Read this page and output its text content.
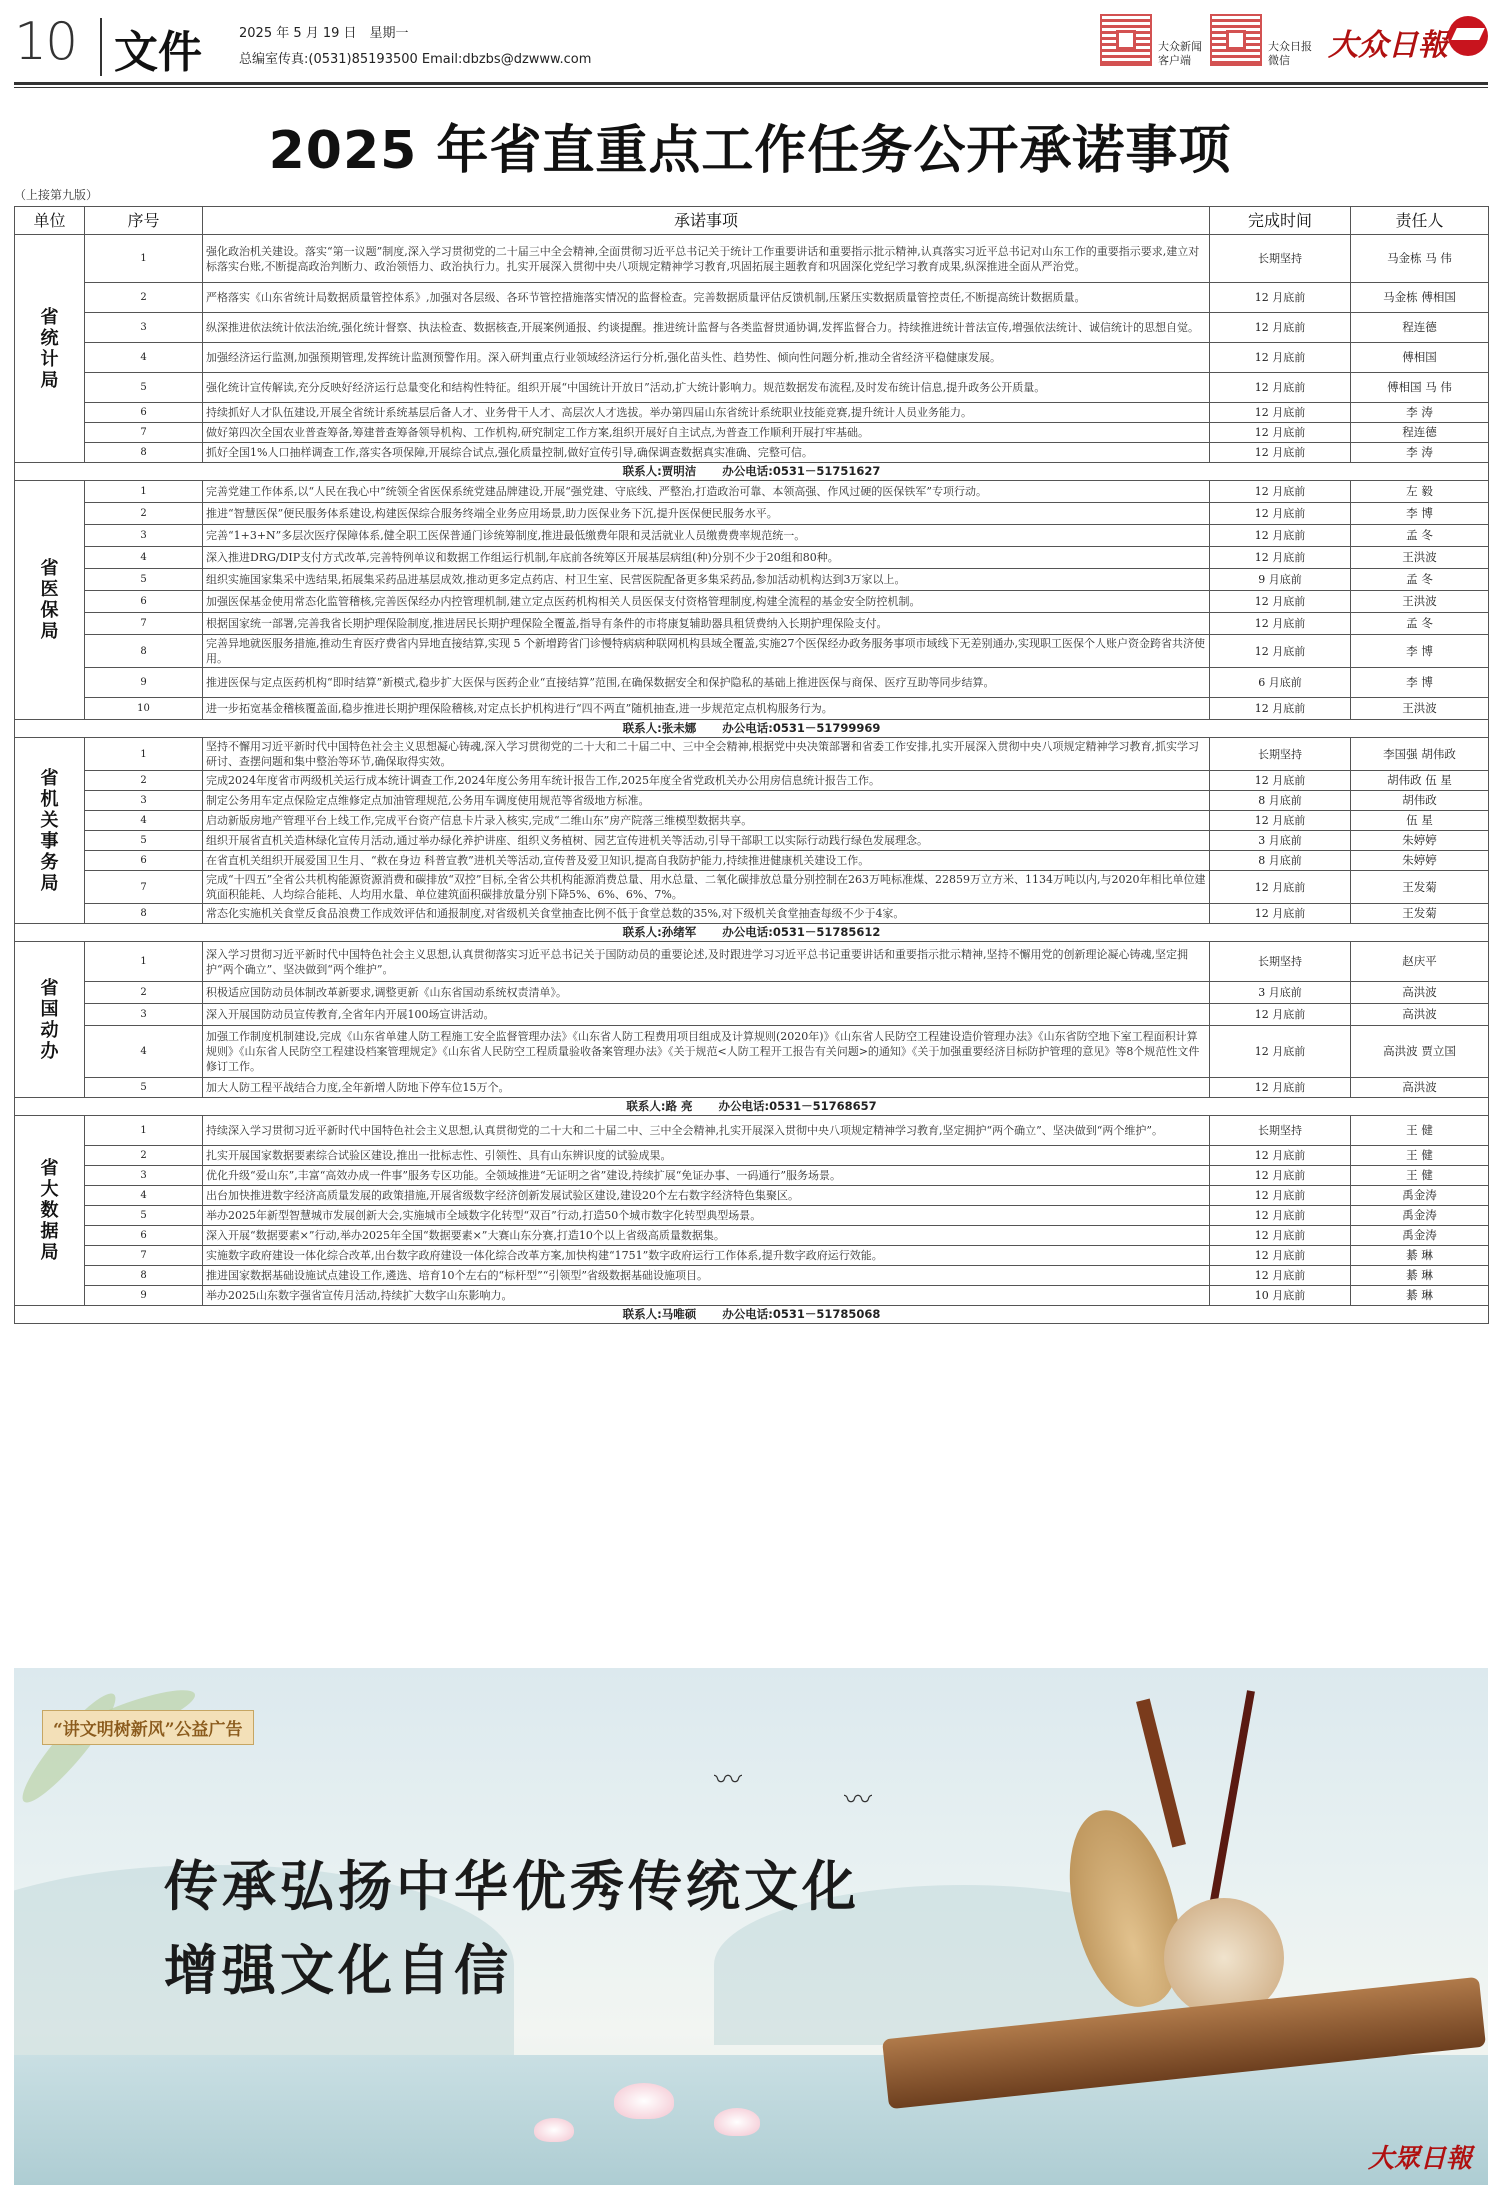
10 文件	2025 年 5 月 19 日　星期一
总编室传真:(0531)85193500 Email:dbzbs@dzwww.com
大众新闻
客户端
大众日报
微信	大众日報
2025 年省直重点工作任务公开承诺事项
（上接第九版）
单位	序号	承诺事项	完成时间	责任人
省统计局	1	强化政治机关建设。落实“第一议题”制度,深入学习贯彻党的二十届三中全会精神,全面贯彻习近平总书记关于统计工作重要讲话和重要指示批示精神,认真落实习近平总书记对山东工作的重要指示要求,建立对标落实台账,不断提高政治判断力、政治领悟力、政治执行力。扎实开展深入贯彻中央八项规定精神学习教育,巩固拓展主题教育和巩固深化党纪学习教育成果,纵深推进全面从严治党。	长期坚持	马金栋 马 伟
	2	严格落实《山东省统计局数据质量管控体系》,加强对各层级、各环节管控措施落实情况的监督检查。完善数据质量评估反馈机制,压紧压实数据质量管控责任,不断提高统计数据质量。	12 月底前	马金栋 傅相国
	3	纵深推进依法统计依法治统,强化统计督察、执法检查、数据核查,开展案例通报、约谈提醒。推进统计监督与各类监督贯通协调,发挥监督合力。持续推进统计普法宣传,增强依法统计、诚信统计的思想自觉。	12 月底前	程连德
	4	加强经济运行监测,加强预期管理,发挥统计监测预警作用。深入研判重点行业领域经济运行分析,强化苗头性、趋势性、倾向性问题分析,推动全省经济平稳健康发展。	12 月底前	傅相国
	5	强化统计宣传解读,充分反映好经济运行总量变化和结构性特征。组织开展“中国统计开放日”活动,扩大统计影响力。规范数据发布流程,及时发布统计信息,提升政务公开质量。	12 月底前	傅相国 马 伟
	6	持续抓好人才队伍建设,开展全省统计系统基层后备人才、业务骨干人才、高层次人才选拔。举办第四届山东省统计系统职业技能竞赛,提升统计人员业务能力。	12 月底前	李 涛
	7	做好第四次全国农业普查筹备,筹建普查筹备领导机构、工作机构,研究制定工作方案,组织开展好自主试点,为普查工作顺利开展打牢基础。	12 月底前	程连德
	8	抓好全国1%人口抽样调查工作,落实各项保障,开展综合试点,强化质量控制,做好宣传引导,确保调查数据真实准确、完整可信。	12 月底前	李 涛
联系人:贾明洁 办公电话:0531－51751627				
省医保局	1	完善党建工作体系,以“人民在我心中”统领全省医保系统党建品牌建设,开展“强党建、守底线、严整治,打造政治可靠、本领高强、作风过硬的医保铁军”专项行动。	12 月底前	左 毅
	2	推进“智慧医保”便民服务体系建设,构建医保综合服务终端全业务应用场景,助力医保业务下沉,提升医保便民服务水平。	12 月底前	李 博
	3	完善“1+3+N”多层次医疗保障体系,健全职工医保普通门诊统筹制度,推进最低缴费年限和灵活就业人员缴费费率规范统一。	12 月底前	孟 冬
	4	深入推进DRG/DIP支付方式改革,完善特例单议和数据工作组运行机制,年底前各统筹区开展基层病组(种)分别不少于20组和80种。	12 月底前	王洪波
	5	组织实施国家集采中选结果,拓展集采药品进基层成效,推动更多定点药店、村卫生室、民营医院配备更多集采药品,参加活动机构达到3万家以上。	9 月底前	孟 冬
	6	加强医保基金使用常态化监管稽核,完善医保经办内控管理机制,建立定点医药机构相关人员医保支付资格管理制度,构建全流程的基金安全防控机制。	12 月底前	王洪波
	7	根据国家统一部署,完善我省长期护理保险制度,推进居民长期护理保险全覆盖,指导有条件的市将康复辅助器具租赁费纳入长期护理保险支付。	12 月底前	孟 冬
	8	完善异地就医服务措施,推动生育医疗费省内异地直接结算,实现 5 个新增跨省门诊慢特病病种联网机构县域全覆盖,实施27个医保经办政务服务事项市域线下无差别通办,实现职工医保个人账户资金跨省共济使用。	12 月底前	李 博
	9	推进医保与定点医药机构“即时结算”新模式,稳步扩大医保与医药企业“直接结算”范围,在确保数据安全和保护隐私的基础上推进医保与商保、医疗互助等同步结算。	6 月底前	李 博
	10	进一步拓宽基金稽核覆盖面,稳步推进长期护理保险稽核,对定点长护机构进行“四不两直”随机抽查,进一步规范定点机构服务行为。	12 月底前	王洪波
联系人:张未娜 办公电话:0531－51799969				
省机关事务局	1	坚持不懈用习近平新时代中国特色社会主义思想凝心铸魂,深入学习贯彻党的二十大和二十届二中、三中全会精神,根据党中央决策部署和省委工作安排,扎实开展深入贯彻中央八项规定精神学习教育,抓实学习研讨、查摆问题和集中整治等环节,确保取得实效。	长期坚持	李国强 胡伟政
	2	完成2024年度省市两级机关运行成本统计调查工作,2024年度公务用车统计报告工作,2025年度全省党政机关办公用房信息统计报告工作。	12 月底前	胡伟政 伍 星
	3	制定公务用车定点保险定点维修定点加油管理规范,公务用车调度使用规范等省级地方标准。	8 月底前	胡伟政
	4	启动新版房地产管理平台上线工作,完成平台资产信息卡片录入核实,完成“二维山东”房产院落三维模型数据共享。	12 月底前	伍 星
	5	组织开展省直机关造林绿化宣传月活动,通过举办绿化养护讲座、组织义务植树、园艺宣传进机关等活动,引导干部职工以实际行动践行绿色发展理念。	3 月底前	朱婷婷
	6	在省直机关组织开展爱国卫生月、“救在身边 科普宣教”进机关等活动,宣传普及爱卫知识,提高自我防护能力,持续推进健康机关建设工作。	8 月底前	朱婷婷
	7	完成“十四五”全省公共机构能源资源消费和碳排放“双控”目标,全省公共机构能源消费总量、用水总量、二氧化碳排放总量分别控制在263万吨标准煤、22859万立方米、1134万吨以内,与2020年相比单位建筑面积能耗、人均综合能耗、人均用水量、单位建筑面积碳排放量分别下降5%、6%、6%、7%。	12 月底前	王发菊
	8	常态化实施机关食堂反食品浪费工作成效评估和通报制度,对省级机关食堂抽查比例不低于食堂总数的35%,对下级机关食堂抽查每级不少于4家。	12 月底前	王发菊
联系人:孙绪军 办公电话:0531－51785612				
省国动办	1	深入学习贯彻习近平新时代中国特色社会主义思想,认真贯彻落实习近平总书记关于国防动员的重要论述,及时跟进学习习近平总书记重要讲话和重要指示批示精神,坚持不懈用党的创新理论凝心铸魂,坚定拥护“两个确立”、坚决做到“两个维护”。	长期坚持	赵庆平
	2	积极适应国防动员体制改革新要求,调整更新《山东省国动系统权责清单》。	3 月底前	高洪波
	3	深入开展国防动员宣传教育,全省年内开展100场宣讲活动。	12 月底前	高洪波
	4	加强工作制度机制建设,完成《山东省单建人防工程施工安全监督管理办法》《山东省人防工程费用项目组成及计算规则(2020年)》《山东省人民防空工程建设造价管理办法》《山东省防空地下室工程面积计算规则》《山东省人民防空工程建设档案管理规定》《山东省人民防空工程质量验收备案管理办法》《关于规范<人防工程开工报告有关问题>的通知》《关于加强重要经济目标防护管理的意见》等8个规范性文件修订工作。	12 月底前	高洪波 贾立国
	5	加大人防工程平战结合力度,全年新增人防地下停车位15万个。	12 月底前	高洪波
联系人:路 亮 办公电话:0531－51768657				
省大数据局	1	持续深入学习贯彻习近平新时代中国特色社会主义思想,认真贯彻党的二十大和二十届二中、三中全会精神,扎实开展深入贯彻中央八项规定精神学习教育,坚定拥护“两个确立”、坚决做到“两个维护”。	长期坚持	王 健
	2	扎实开展国家数据要素综合试验区建设,推出一批标志性、引领性、具有山东辨识度的试验成果。	12 月底前	王 健
	3	优化升级“爱山东”,丰富“高效办成一件事”服务专区功能。全领域推进“无证明之省”建设,持续扩展“免证办事、一码通行”服务场景。	12 月底前	王 健
	4	出台加快推进数字经济高质量发展的政策措施,开展省级数字经济创新发展试验区建设,建设20个左右数字经济特色集聚区。	12 月底前	禹金涛
	5	举办2025年新型智慧城市发展创新大会,实施城市全域数字化转型“双百”行动,打造50个城市数字化转型典型场景。	12 月底前	禹金涛
	6	深入开展“数据要素×”行动,举办2025年全国“数据要素×”大赛山东分赛,打造10个以上省级高质量数据集。	12 月底前	禹金涛
	7	实施数字政府建设一体化综合改革,出台数字政府建设一体化综合改革方案,加快构建“1751”数字政府运行工作体系,提升数字政府运行效能。	12 月底前	綦 琳
	8	推进国家数据基础设施试点建设工作,遴选、培育10个左右的“标杆型”“引领型”省级数据基础设施项目。	12 月底前	綦 琳
	9	举办2025山东数字强省宣传月活动,持续扩大数字山东影响力。	10 月底前	綦 琳
联系人:马唯硕 办公电话:0531－51785068				
“讲文明树新风”公益广告
传承弘扬中华优秀传统文化
增强文化自信
〰
〰
大眾日報
